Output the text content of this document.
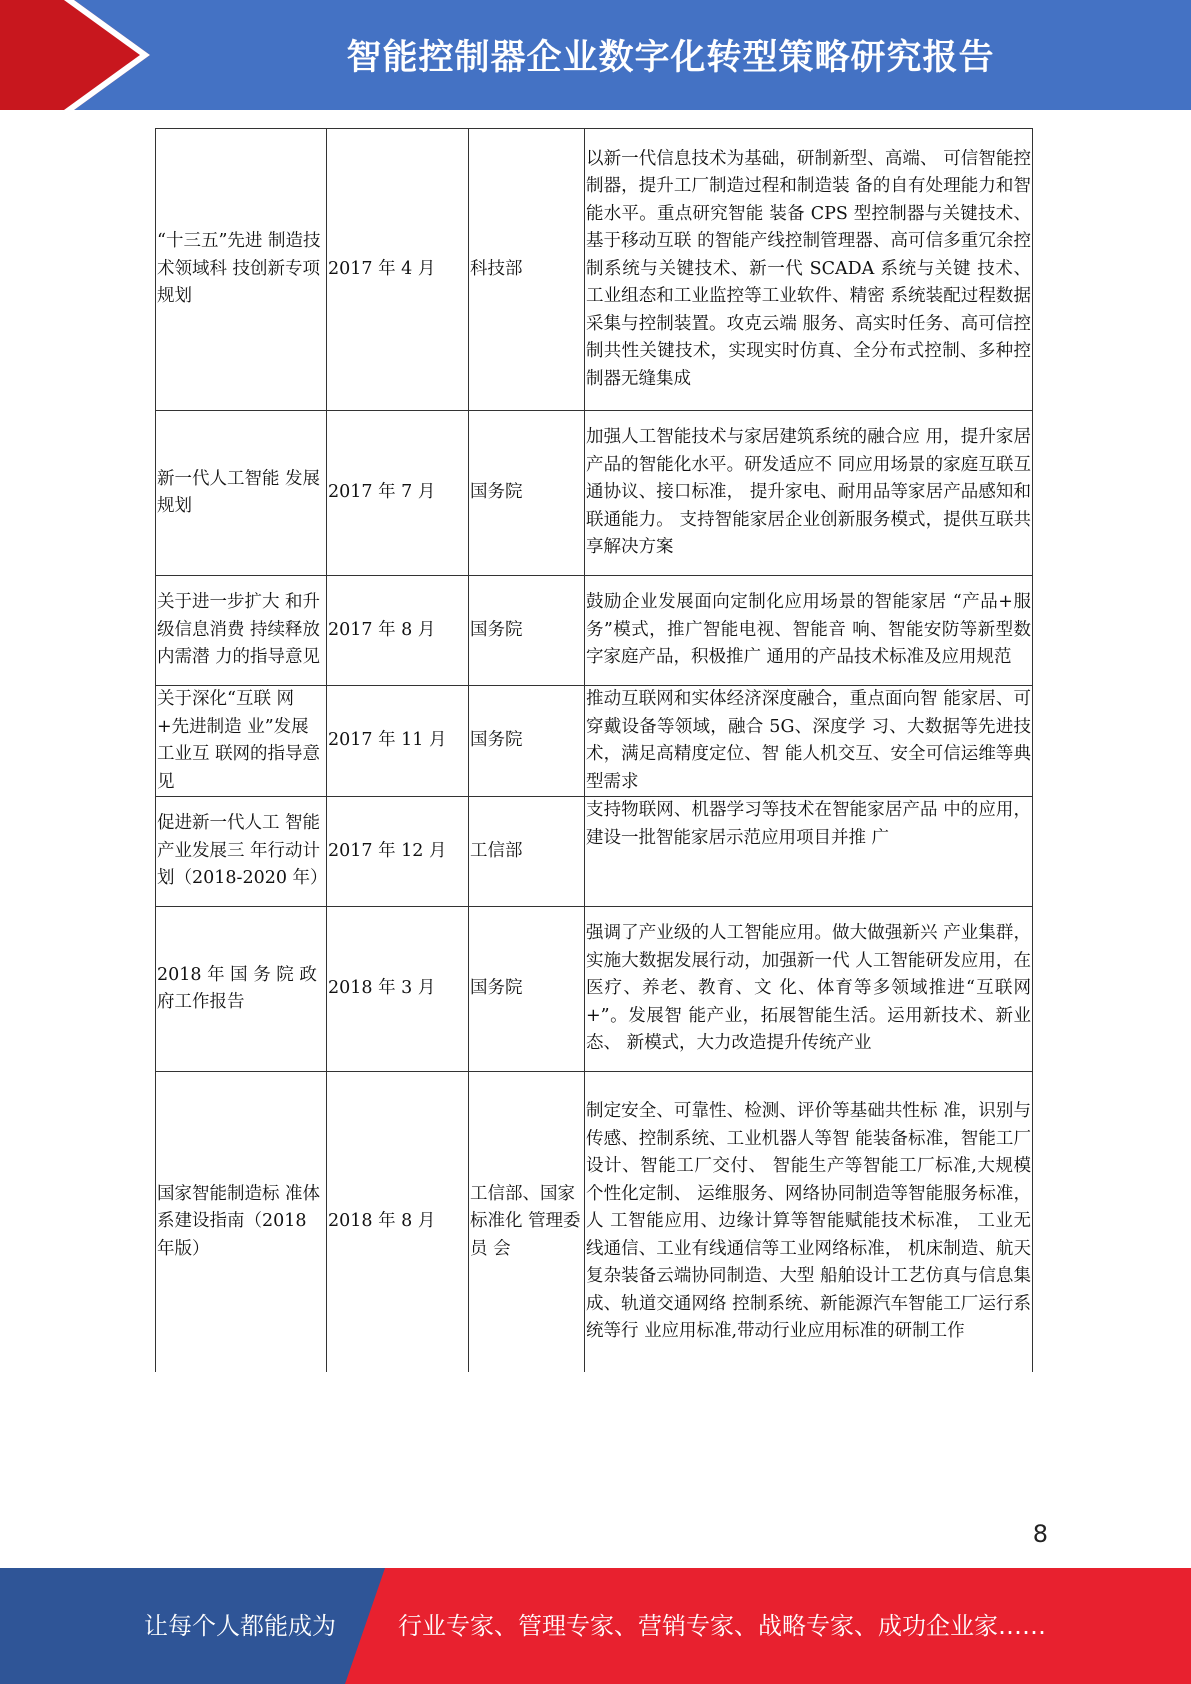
智能控制器企业数字化转型策略研究报告
“十三五”先进 制造技术领域科 技创新专项规划	2017 年 4 月	科技部	以新一代信息技术为基础，研制新型、高端、 可信智能控制器，提升工厂制造过程和制造装 备的自有处理能力和智能水平。重点研究智能 装备 CPS 型控制器与关键技术、基于移动互联 的智能产线控制管理器、高可信多重冗余控制系统与关键技术、新一代 SCADA 系统与关键 技术、工业组态和工业监控等工业软件、精密 系统装配过程数据采集与控制装置。攻克云端 服务、高实时任务、高可信控制共性关键技术，实现实时仿真、全分布式控制、多种控制器无缝集成
新一代人工智能 发展规划	2017 年 7 月	国务院	加强人工智能技术与家居建筑系统的融合应 用，提升家居产品的智能化水平。研发适应不 同应用场景的家庭互联互通协议、接口标准， 提升家电、耐用品等家居产品感知和联通能力。 支持智能家居企业创新服务模式，提供互联共 享解决方案
关于进一步扩大 和升级信息消费 持续释放内需潜 力的指导意见	2017 年 8 月	国务院	鼓励企业发展面向定制化应用场景的智能家居 “产品+服务”模式，推广智能电视、智能音 响、智能安防等新型数字家庭产品，积极推广 通用的产品技术标准及应用规范
关于深化“互联 网+先进制造 业”发展工业互 联网的指导意见	2017 年 11 月	国务院	推动互联网和实体经济深度融合，重点面向智 能家居、可穿戴设备等领域，融合 5G、深度学 习、大数据等先进技术，满足高精度定位、智 能人机交互、安全可信运维等典型需求
促进新一代人工 智能产业发展三 年行动计划（2018-2020 年）	2017 年 12 月	工信部	支持物联网、机器学习等技术在智能家居产品 中的应用，建设一批智能家居示范应用项目并推 广
2018 年 国 务 院 政府工作报告	2018 年 3 月	国务院	强调了产业级的人工智能应用。做大做强新兴 产业集群，实施大数据发展行动，加强新一代 人工智能研发应用，在医疗、养老、教育、文 化、体育等多领域推进“互联网+”。发展智 能产业，拓展智能生活。运用新技术、新业态、 新模式，大力改造提升传统产业
国家智能制造标 准体系建设指南（2018 年版）	2018 年 8 月	工信部、国家标准化 管理委员 会	制定安全、可靠性、检测、评价等基础共性标 准，识别与传感、控制系统、工业机器人等智 能装备标准，智能工厂设计、智能工厂交付、 智能生产等智能工厂标准,大规模个性化定制、 运维服务、网络协同制造等智能服务标准，人 工智能应用、边缘计算等智能赋能技术标准， 工业无线通信、工业有线通信等工业网络标准， 机床制造、航天复杂装备云端协同制造、大型 船舶设计工艺仿真与信息集成、轨道交通网络 控制系统、新能源汽车智能工厂运行系统等行 业应用标准,带动行业应用标准的研制工作
8
让每个人都能成为	行业专家、管理专家、营销专家、战略专家、成功企业家……
